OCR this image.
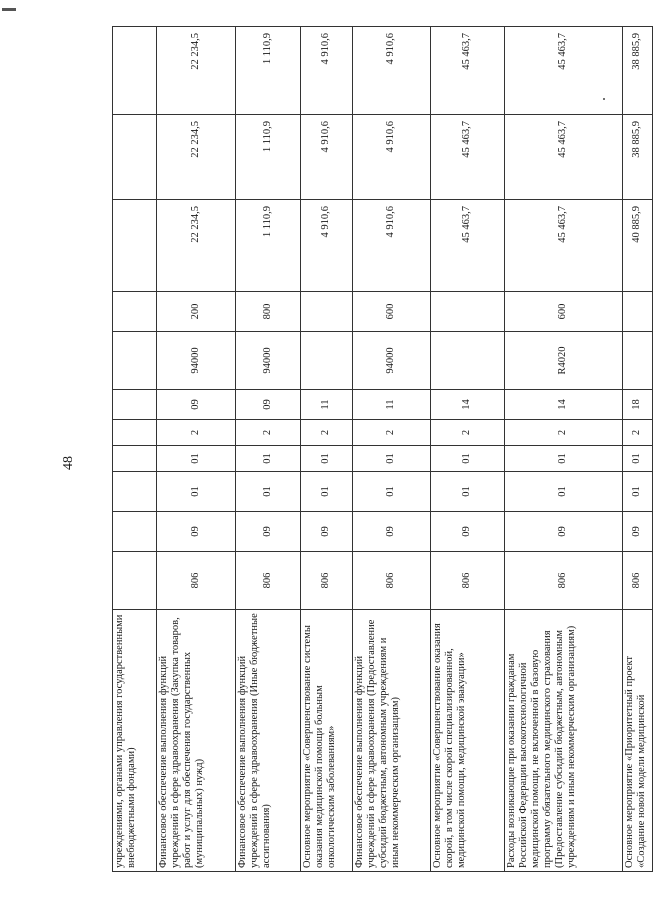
48
учреждениями, органами управления государственными внебюджетными фондами)											
Финансовое обеспечение выполнения функций учреждений в сфере здравоохранения (Закупка товаров, работ и услуг для обеспечения государственных (муниципальных) нужд)	806	09	01	01	2	09	94000	200	22 234,5	22 234,5	22 234,5
Финансовое обеспечение выполнения функций учреждений в сфере здравоохранения (Иные бюджетные ассигнования)	806	09	01	01	2	09	94000	800	1 110,9	1 110,9	1 110,9
Основное мероприятие «Совершенствование системы оказания медицинской помощи больным онкологическим заболеваниям»	806	09	01	01	2	11			4 910,6	4 910,6	4 910,6
Финансовое обеспечение выполнения функций учреждений в сфере здравоохранения (Предоставление субсидий бюджетным, автономным учреждениям и иным некоммерческим организациям)	806	09	01	01	2	11	94000	600	4 910,6	4 910,6	4 910,6
Основное мероприятие «Совершенствование оказания скорой, в том числе скорой специализированной, медицинской помощи, медицинской эвакуации»	806	09	01	01	2	14			45 463,7	45 463,7	45 463,7
Расходы возникающие при оказании гражданам Российской Федерации высокотехнологичной медицинской помощи, не включенной в базовую программу обязательного медицинского страхования (Предоставление субсидий бюджетным, автономным учреждениям и иным некоммерческим организациям)	806	09	01	01	2	14	R4020	600	45 463,7	45 463,7	45 463,7
Основное мероприятие «Приоритетный проект «Создание новой модели медицинской	806	09	01	01	2	18			40 885,9	38 885,9	38 885,9
